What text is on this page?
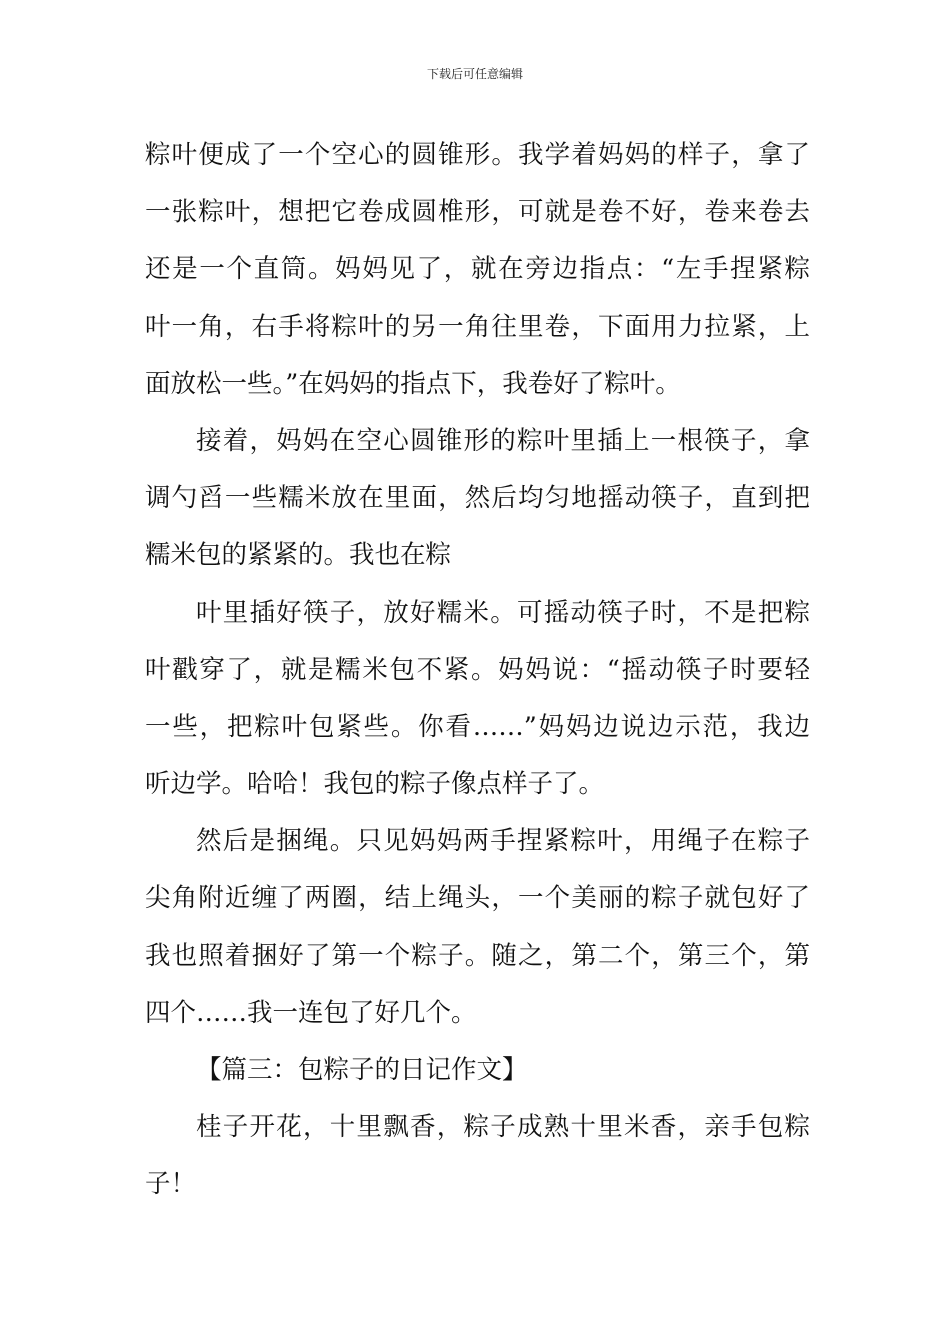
下载后可任意编辑
粽叶便成了一个空心的圆锥形。我学着妈妈的样子，拿了
一张粽叶，想把它卷成圆椎形，可就是卷不好，卷来卷去
还是一个直筒。妈妈见了，就在旁边指点：“左手捏紧粽
叶一角，右手将粽叶的另一角往里卷，下面用力拉紧，上
面放松一些。”在妈妈的指点下，我卷好了粽叶。
接着，妈妈在空心圆锥形的粽叶里插上一根筷子，拿
调勺舀一些糯米放在里面，然后均匀地摇动筷子，直到把
糯米包的紧紧的。我也在粽
叶里插好筷子，放好糯米。可摇动筷子时，不是把粽
叶戳穿了，就是糯米包不紧。妈妈说：“摇动筷子时要轻
一些，把粽叶包紧些。你看……”妈妈边说边示范，我边
听边学。哈哈！我包的粽子像点样子了。
然后是捆绳。只见妈妈两手捏紧粽叶，用绳子在粽子
尖角附近缠了两圈，结上绳头，一个美丽的粽子就包好了
我也照着捆好了第一个粽子。随之，第二个，第三个，第
四个……我一连包了好几个。
【篇三：包粽子的日记作文】
桂子开花，十里飘香，粽子成熟十里米香，亲手包粽
子！
